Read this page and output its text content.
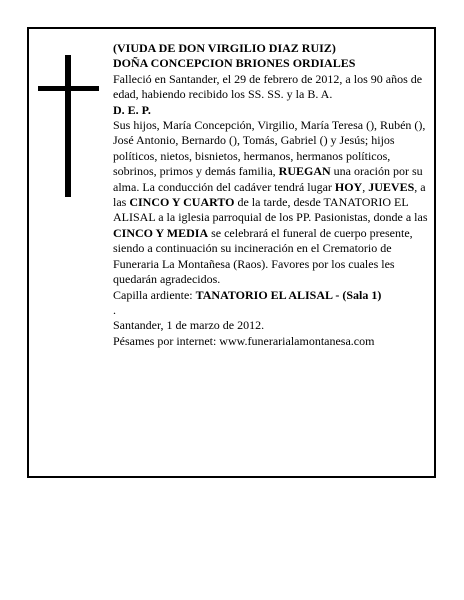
(VIUDA DE DON VIRGILIO DIAZ RUIZ)

DOÑA CONCEPCION BRIONES ORDIALES

Falleció en Santander, el 29 de febrero de 2012, a los 90 años de edad, habiendo recibido los SS. SS. y la B. A.

D. E. P.

Sus hijos, María Concepción, Virgilio, María Teresa (), Rubén (), José Antonio, Bernardo (), Tomás, Gabriel () y Jesús; hijos políticos, nietos, bisnietos, hermanos, hermanos políticos, sobrinos, primos y demás familia, RUEGAN una oración por su alma. La conducción del cadáver tendrá lugar HOY, JUEVES, a las CINCO Y CUARTO de la tarde, desde TANATORIO EL ALISAL a la iglesia parroquial de los PP. Pasionistas, donde a las CINCO Y MEDIA se celebrará el funeral de cuerpo presente, siendo a continuación su incineración en el Crematorio de Funeraria La Montañesa (Raos). Favores por los cuales les quedarán agradecidos.

Capilla ardiente: TANATORIO EL ALISAL - (Sala 1)
.

Santander, 1 de marzo de 2012.

Pésames por internet: www.funerarialamontanesa.com
